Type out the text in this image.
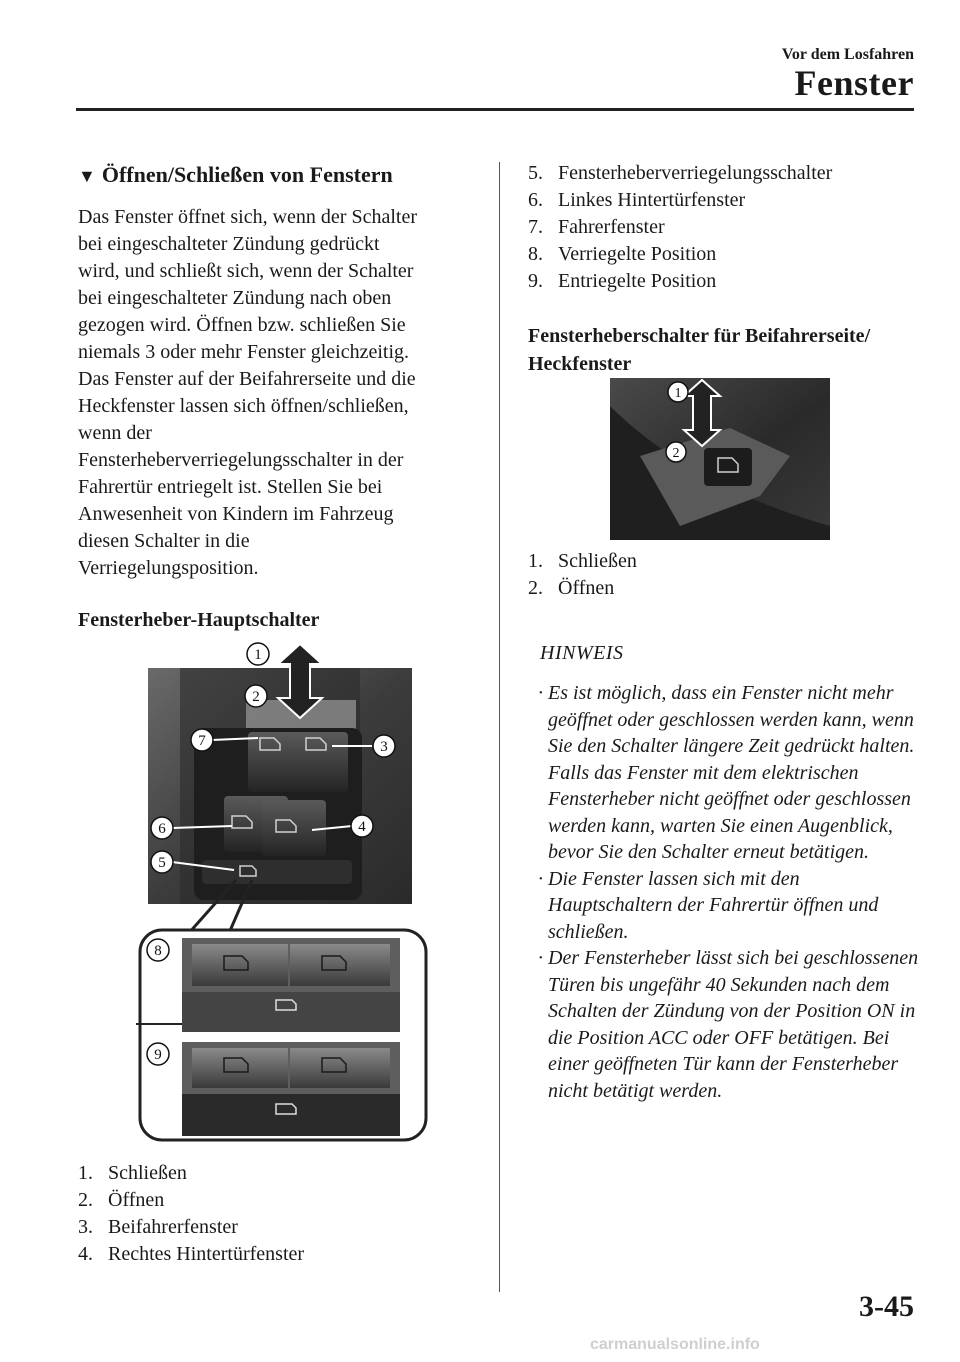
Vor dem Losfahren
Fenster
▼ Öffnen/Schließen von Fenstern
Das Fenster öffnet sich, wenn der Schalter
bei eingeschalteter Zündung gedrückt
wird, und schließt sich, wenn der Schalter
bei eingeschalteter Zündung nach oben
gezogen wird. Öffnen bzw. schließen Sie
niemals 3 oder mehr Fenster gleichzeitig.
Das Fenster auf der Beifahrerseite und die
Heckfenster lassen sich öffnen/schließen,
wenn der
Fensterheberverriegelungsschalter in der
Fahrertür entriegelt ist. Stellen Sie bei
Anwesenheit von Kindern im Fahrzeug
diesen Schalter in die
Verriegelungsposition.
Fensterheber-Hauptschalter
1
2
7	3
6	4
5
8
9
1. Schließen
2. Öffnen
3. Beifahrerfenster
4. Rechtes Hintertürfenster
5. Fensterheberverriegelungsschalter
6. Linkes Hintertürfenster
7. Fahrerfenster
8. Verriegelte Position
9. Entriegelte Position
Fensterheberschalter für Beifahrerseite/
Heckfenster
1
2
1. Schließen
2. Öffnen
HINWEIS
· Es ist möglich, dass ein Fenster nicht mehr geöffnet oder geschlossen werden kann, wenn Sie den Schalter längere Zeit gedrückt halten. Falls das Fenster mit dem elektrischen Fensterheber nicht geöffnet oder geschlossen werden kann, warten Sie einen Augenblick, bevor Sie den Schalter erneut betätigen.
· Die Fenster lassen sich mit den Hauptschaltern der Fahrertür öffnen und schließen.
· Der Fensterheber lässt sich bei geschlossenen Türen bis ungefähr 40 Sekunden nach dem Schalten der Zündung von der Position ON in die Position ACC oder OFF betätigen. Bei einer geöffneten Tür kann der Fensterheber nicht betätigt werden.
3-45
carmanualsonline.info
